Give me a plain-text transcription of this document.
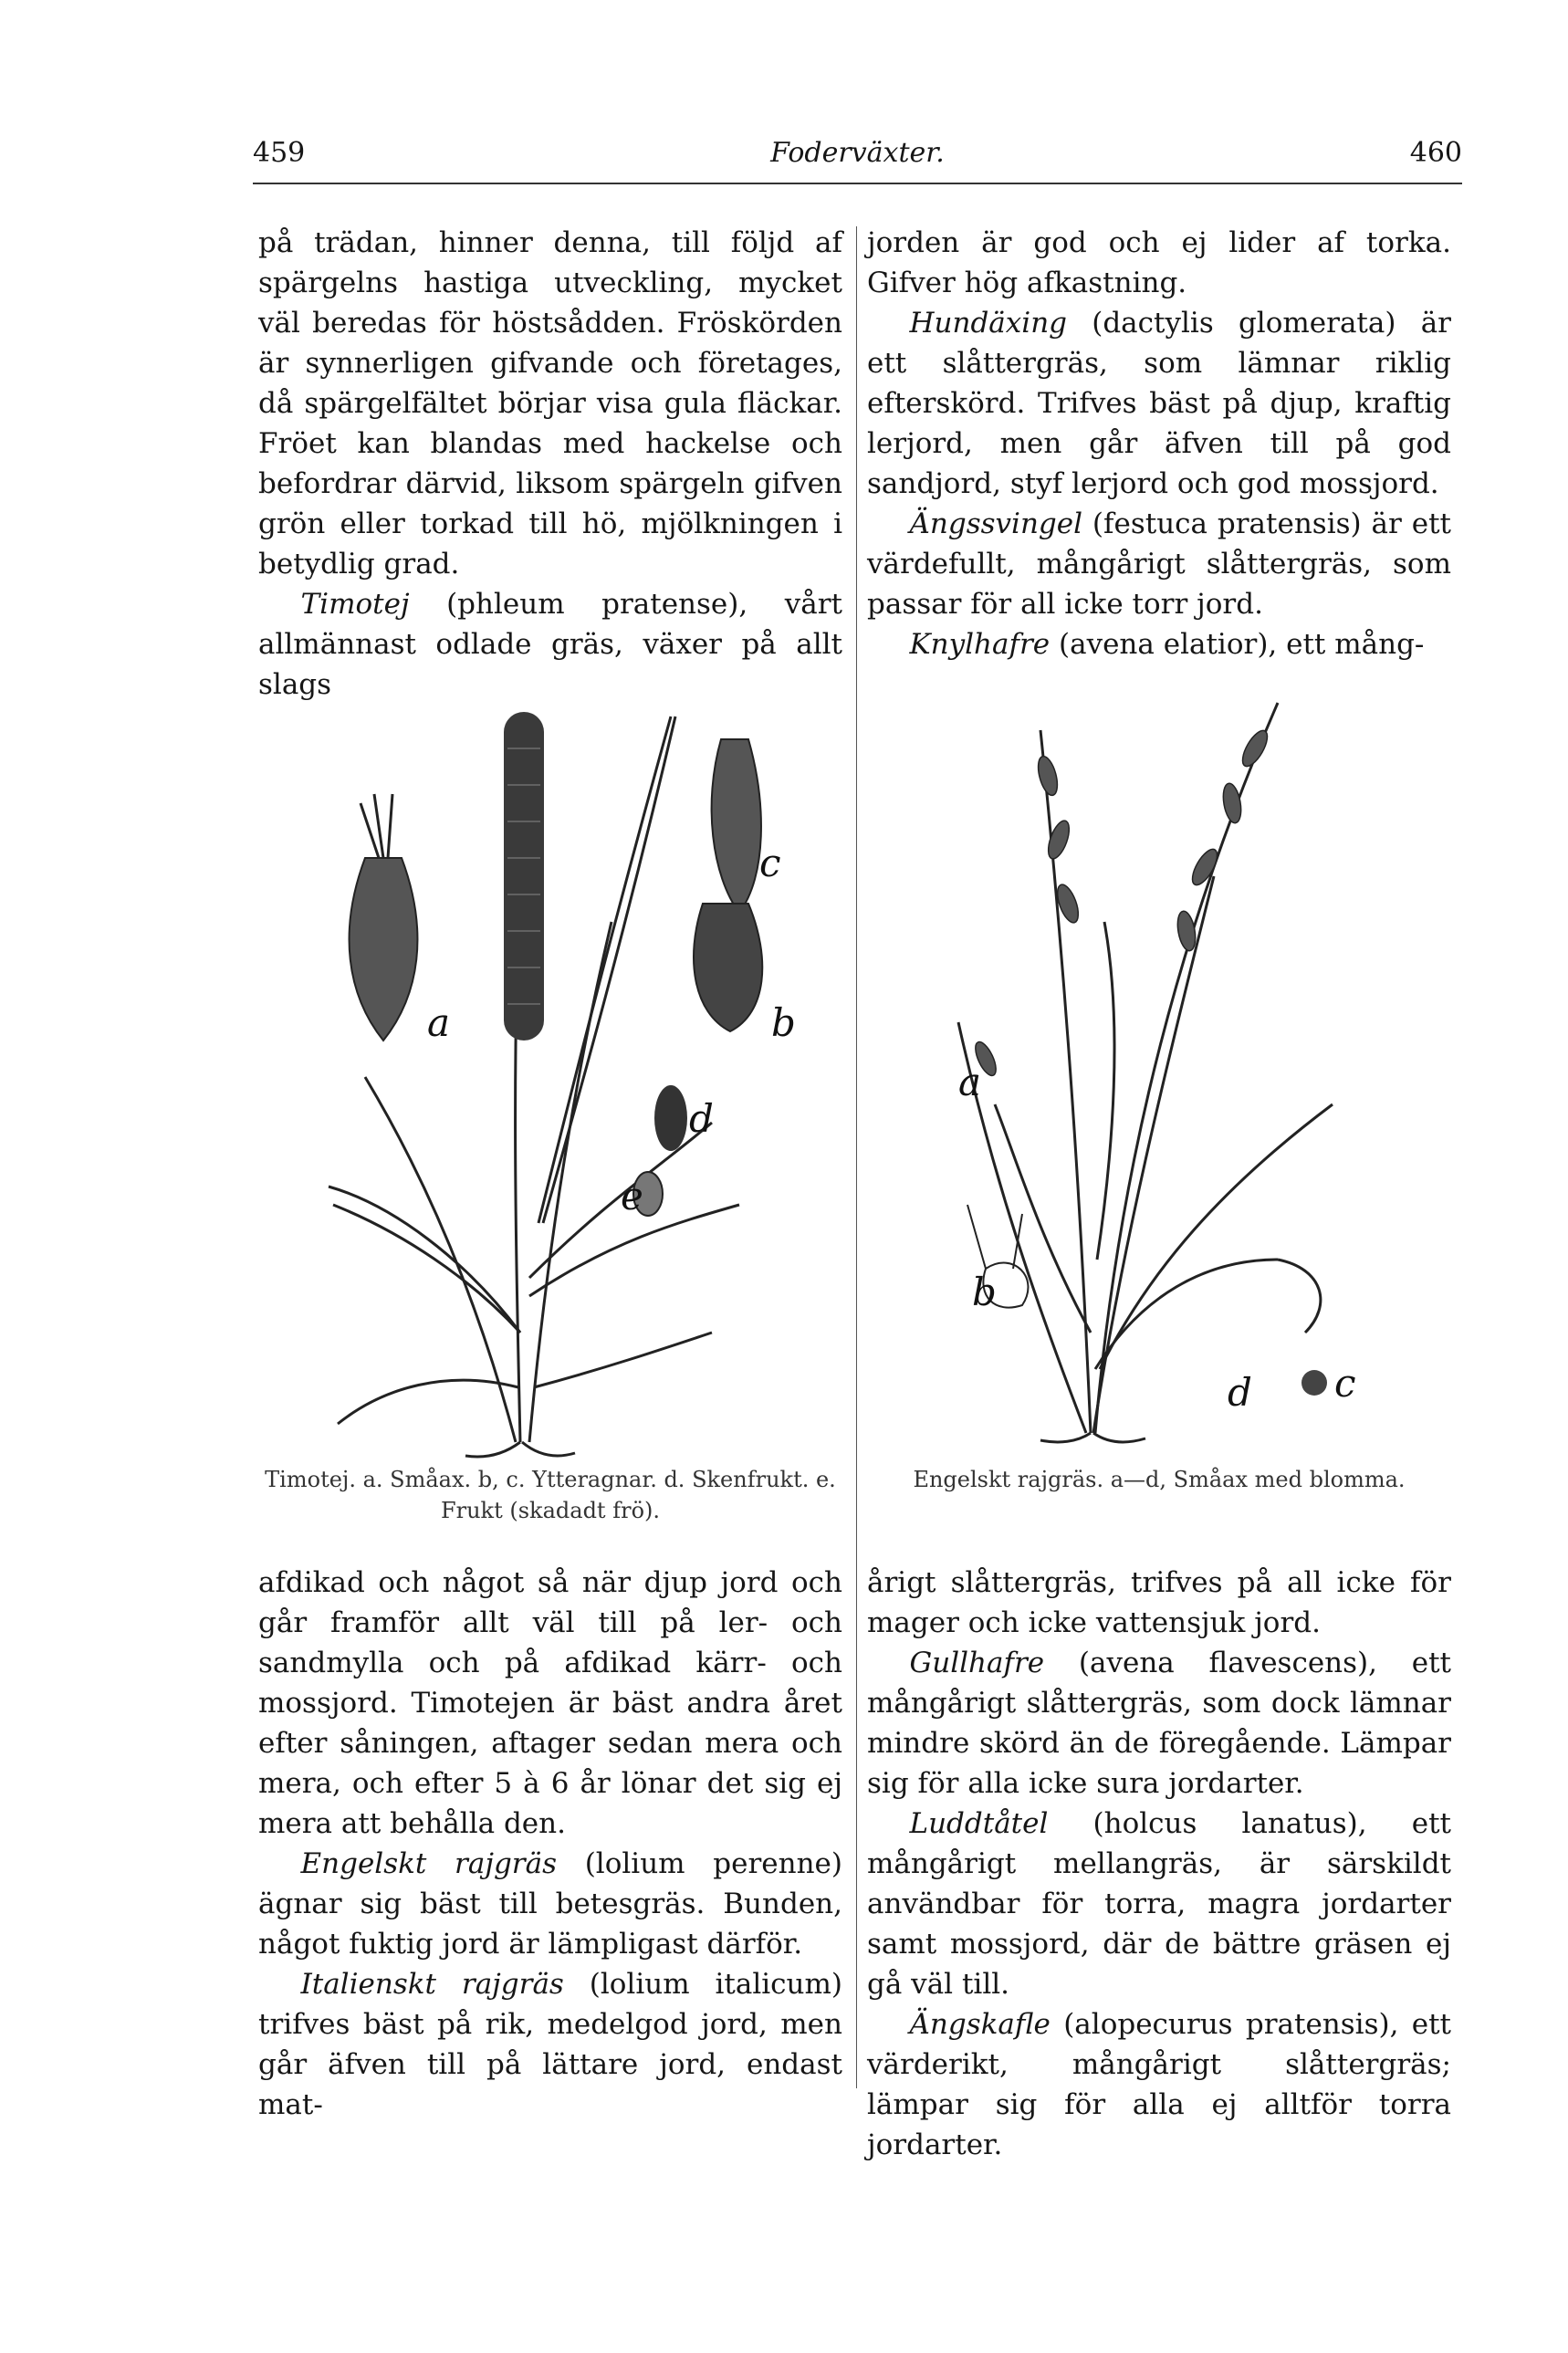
459	Foderväxter.	460

på trädan, hinner denna, till följd af spärgelns hastiga utveckling, mycket väl beredas för höstsådden. Fröskörden är synnerligen gifvande och företages, då spärgelfältet börjar visa gula fläckar. Fröet kan blandas med hackelse och befordrar därvid, liksom spärgeln gifven grön eller torkad till hö, mjölkningen i betydlig grad.

Timotej (phleum pratense), vårt allmännast odlade gräs, växer på allt slags

jorden är god och ej lider af torka. Gifver hög afkastning.

Hundäxing (dactylis glomerata) är ett slåttergräs, som lämnar riklig efterskörd. Trifves bäst på djup, kraftig lerjord, men går äfven till på god sandjord, styf lerjord och god mossjord.

Ängssvingel (festuca pratensis) är ett värdefullt, mångårigt slåttergräs, som passar för all icke torr jord.

Knylhafre (avena elatior), ett mång-

a	b
c
d
e
Timotej. a. Småax. b, c. Ytteragnar. d. Skenfrukt. e. Frukt (skadadt frö).
a
b
c
d
Engelskt rajgräs. a—d, Småax med blomma.

afdikad och något så när djup jord och går framför allt väl till på ler- och sandmylla och på afdikad kärr- och mossjord. Timotejen är bäst andra året efter såningen, aftager sedan mera och mera, och efter 5 à 6 år lönar det sig ej mera att behålla den.

Engelskt rajgräs (lolium perenne) ägnar sig bäst till betesgräs. Bunden, något fuktig jord är lämpligast därför.

Italienskt rajgräs (lolium italicum) trifves bäst på rik, medelgod jord, men går äfven till på lättare jord, endast mat-

årigt slåttergräs, trifves på all icke för mager och icke vattensjuk jord.

Gullhafre (avena flavescens), ett mångårigt slåttergräs, som dock lämnar mindre skörd än de föregående. Lämpar sig för alla icke sura jordarter.

Luddtåtel (holcus lanatus), ett mångårigt mellangräs, är särskildt användbar för torra, magra jordarter samt mossjord, där de bättre gräsen ej gå väl till.

Ängskafle (alopecurus pratensis), ett värderikt, mångårigt slåttergräs; lämpar sig för alla ej alltför torra jordarter.
